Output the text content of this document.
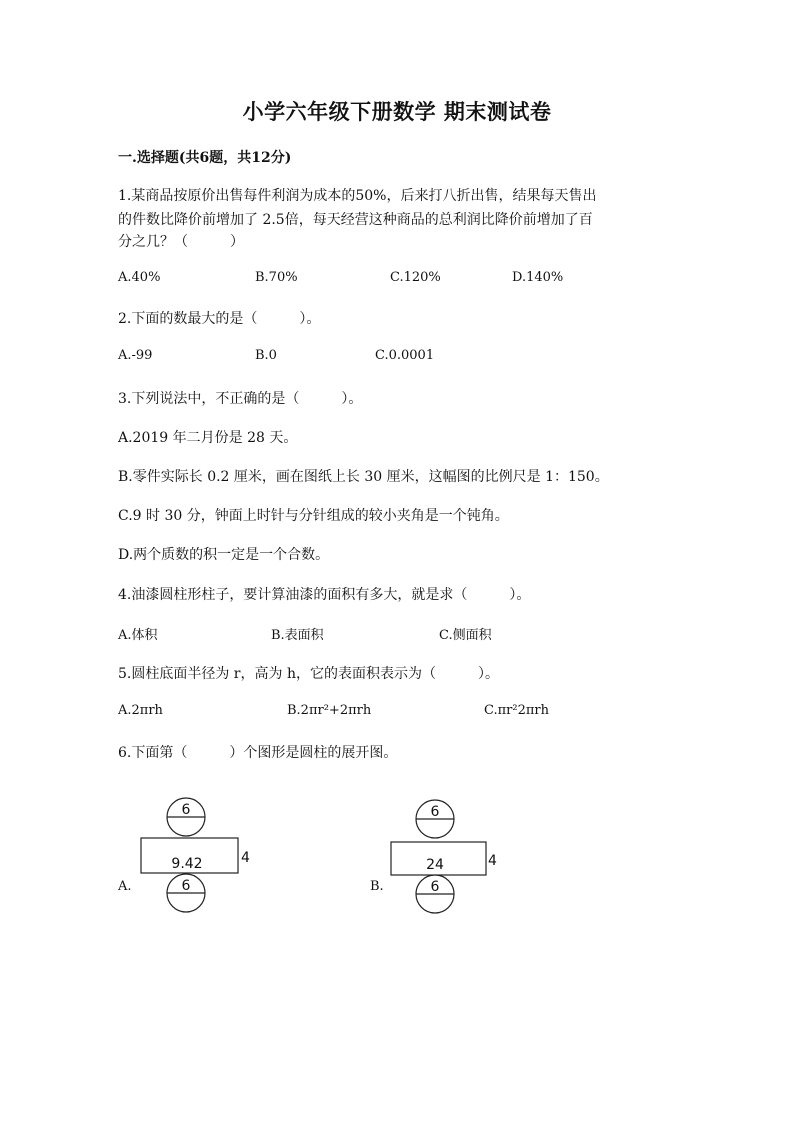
小学六年级下册数学 期末测试卷
一.选择题(共6题，共12分)
1.某商品按原价出售每件利润为成本的50%，后来打八折出售，结果每天售出
的件数比降价前增加了 2.5倍，每天经营这种商品的总利润比降价前增加了百
分之几？（　　　）
A.40%	B.70%	C.120%	D.140%
2.下面的数最大的是（　　　）。
A.-99	B.0	C.0.0001
3.下列说法中，不正确的是（　　　）。
A.2019 年二月份是 28 天。
B.零件实际长 0.2 厘米，画在图纸上长 30 厘米，这幅图的比例尺是 1：150。
C.9 时 30 分，钟面上时针与分针组成的较小夹角是一个钝角。
D.两个质数的积一定是一个合数。
4.油漆圆柱形柱子，要计算油漆的面积有多大，就是求（　　　）。
A.体积	B.表面积	C.侧面积
5.圆柱底面半径为 r，高为 h，它的表面积表示为（　　　）。
A.2πrh	B.2πr²+2πrh	C.πr²2πrh
6.下面第（　　　）个图形是圆柱的展开图。
A.
6
9.42	4
6	B.
6
24	4
6
